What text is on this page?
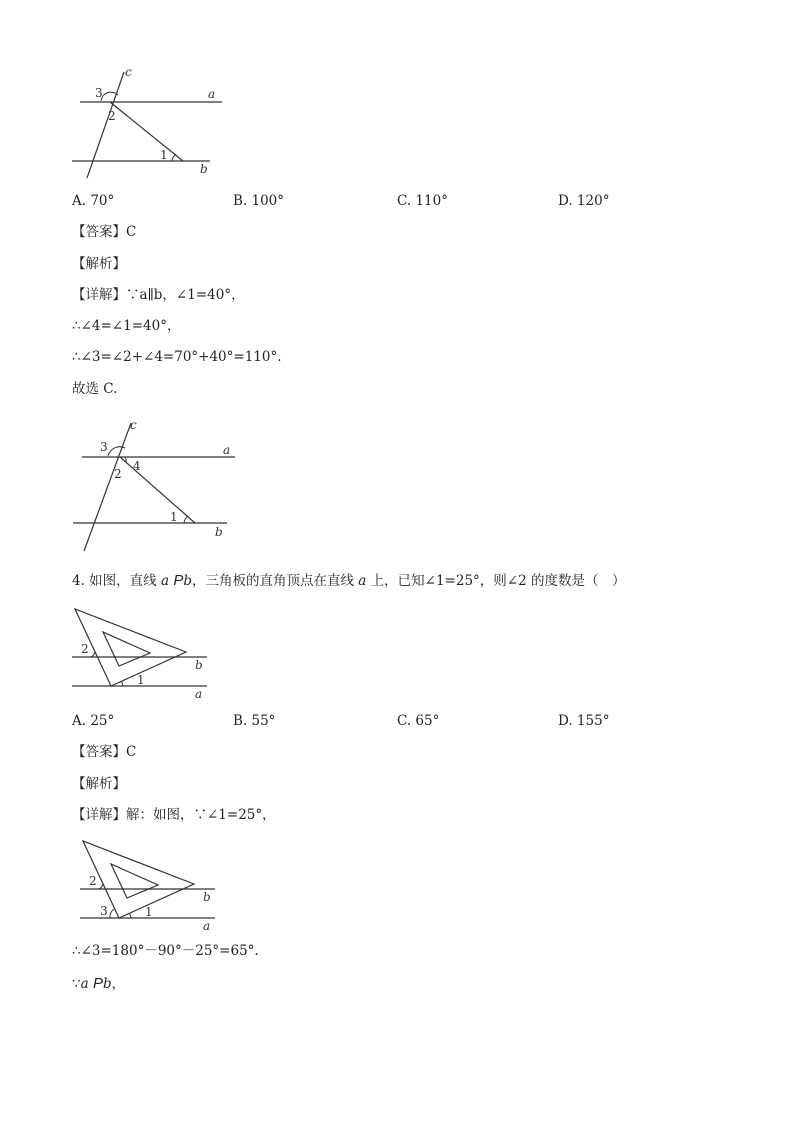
c
a
b
3
2
1
A. 70°	B. 100°	C. 110°	D. 120°
【答案】C
【解析】
【详解】∵a∥b，∠1=40°，
∴∠4=∠1=40°，
∴∠3=∠2+∠4=70°+40°=110°.
故选 C.
c
a
b
3
2
4
1
4. 如图，直线 a Pb，三角板的直角顶点在直线 a 上，已知∠1=25°，则∠2 的度数是（　）
2
1
b
a
A. 25°	B. 55°	C. 65°	D. 155°
【答案】C
【解析】
【详解】解：如图，∵∠1=25°，
2
3	1
b
a
∴∠3=180°－90°－25°=65°.
∵a Pb，
